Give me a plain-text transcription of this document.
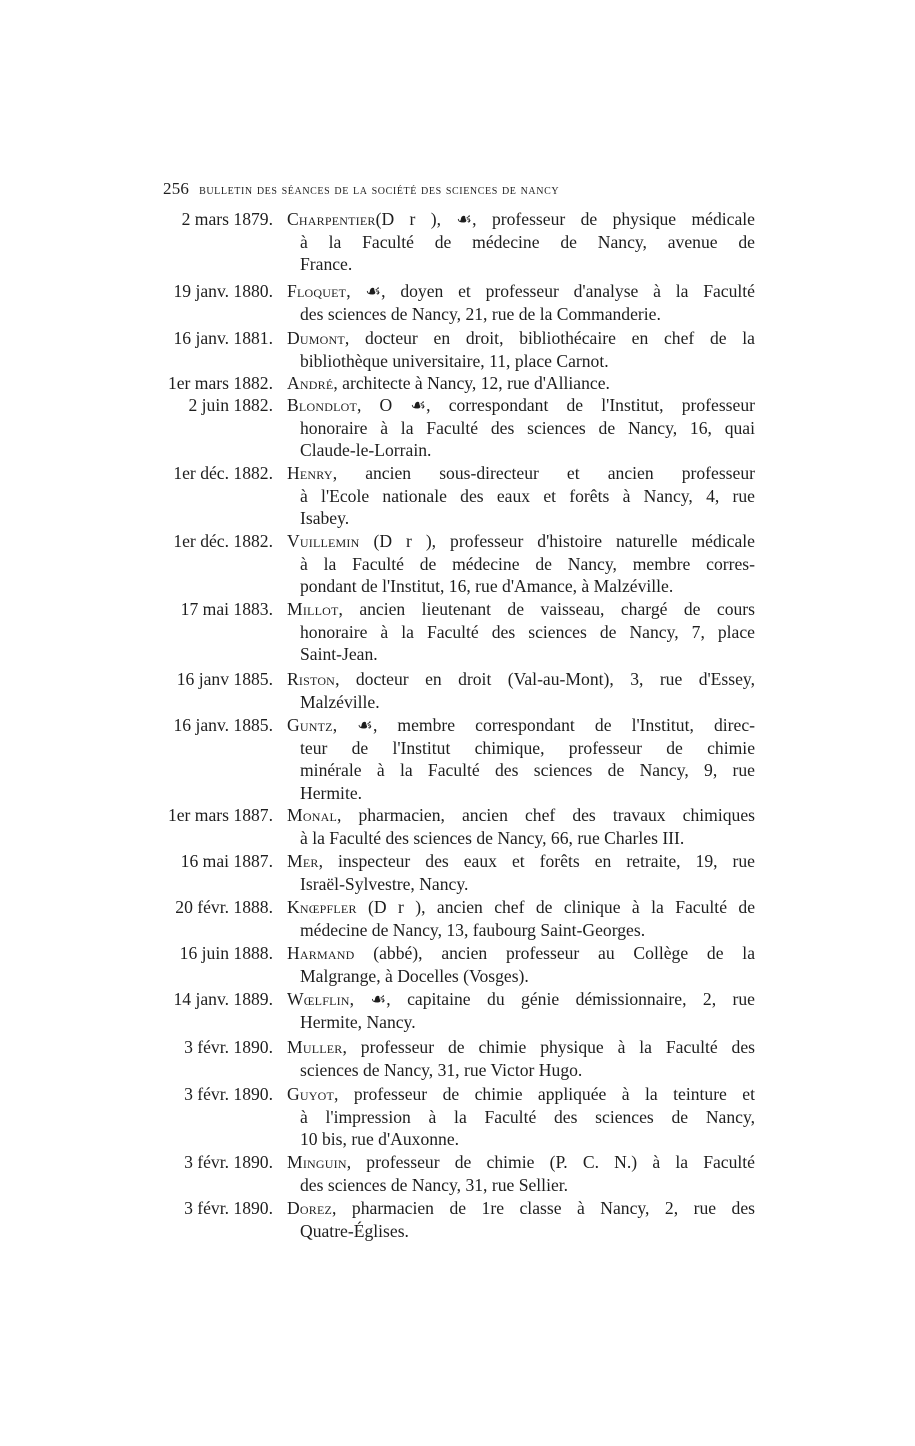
256 bulletin des séances de la société des sciences de nancy
2 mars 1879. Charpentier(D r ), ☙, professeur de physique médicale
à la Faculté de médecine de Nancy, avenue de
France.
19 janv. 1880. Floquet, ☙, doyen et professeur d'analyse à la Faculté
des sciences de Nancy, 21, rue de la Commanderie.
16 janv. 1881. Dumont, docteur en droit, bibliothécaire en chef de la
bibliothèque universitaire, 11, place Carnot.
1er mars 1882. André, architecte à Nancy, 12, rue d'Alliance.
2 juin 1882. Blondlot, O ☙, correspondant de l'Institut, professeur
honoraire à la Faculté des sciences de Nancy, 16, quai
Claude-le-Lorrain.
1er déc. 1882. Henry, ancien sous-directeur et ancien professeur
à l'Ecole nationale des eaux et forêts à Nancy, 4, rue
Isabey.
1er déc. 1882. Vuillemin (D r ), professeur d'histoire naturelle médicale
à la Faculté de médecine de Nancy, membre corres-
pondant de l'Institut, 16, rue d'Amance, à Malzéville.
17 mai 1883. Millot, ancien lieutenant de vaisseau, chargé de cours
honoraire à la Faculté des sciences de Nancy, 7, place
Saint-Jean.
16 janv 1885. Riston, docteur en droit (Val-au-Mont), 3, rue d'Essey,
Malzéville.
16 janv. 1885. Guntz, ☙, membre correspondant de l'Institut, direc-
teur de l'Institut chimique, professeur de chimie
minérale à la Faculté des sciences de Nancy, 9, rue
Hermite.
1er mars 1887. Monal, pharmacien, ancien chef des travaux chimiques
à la Faculté des sciences de Nancy, 66, rue Charles III.
16 mai 1887. Mer, inspecteur des eaux et forêts en retraite, 19, rue
Israël-Sylvestre, Nancy.
20 févr. 1888. Knœpfler (D r ), ancien chef de clinique à la Faculté de
médecine de Nancy, 13, faubourg Saint-Georges.
16 juin 1888. Harmand (abbé), ancien professeur au Collège de la
Malgrange, à Docelles (Vosges).
14 janv. 1889. Wœlflin, ☙, capitaine du génie démissionnaire, 2, rue
Hermite, Nancy.
3 févr. 1890. Muller, professeur de chimie physique à la Faculté des
sciences de Nancy, 31, rue Victor Hugo.
3 févr. 1890. Guyot, professeur de chimie appliquée à la teinture et
à l'impression à la Faculté des sciences de Nancy,
10 bis, rue d'Auxonne.
3 févr. 1890. Minguin, professeur de chimie (P. C. N.) à la Faculté
des sciences de Nancy, 31, rue Sellier.
3 févr. 1890. Dorez, pharmacien de 1re classe à Nancy, 2, rue des
Quatre-Églises.
